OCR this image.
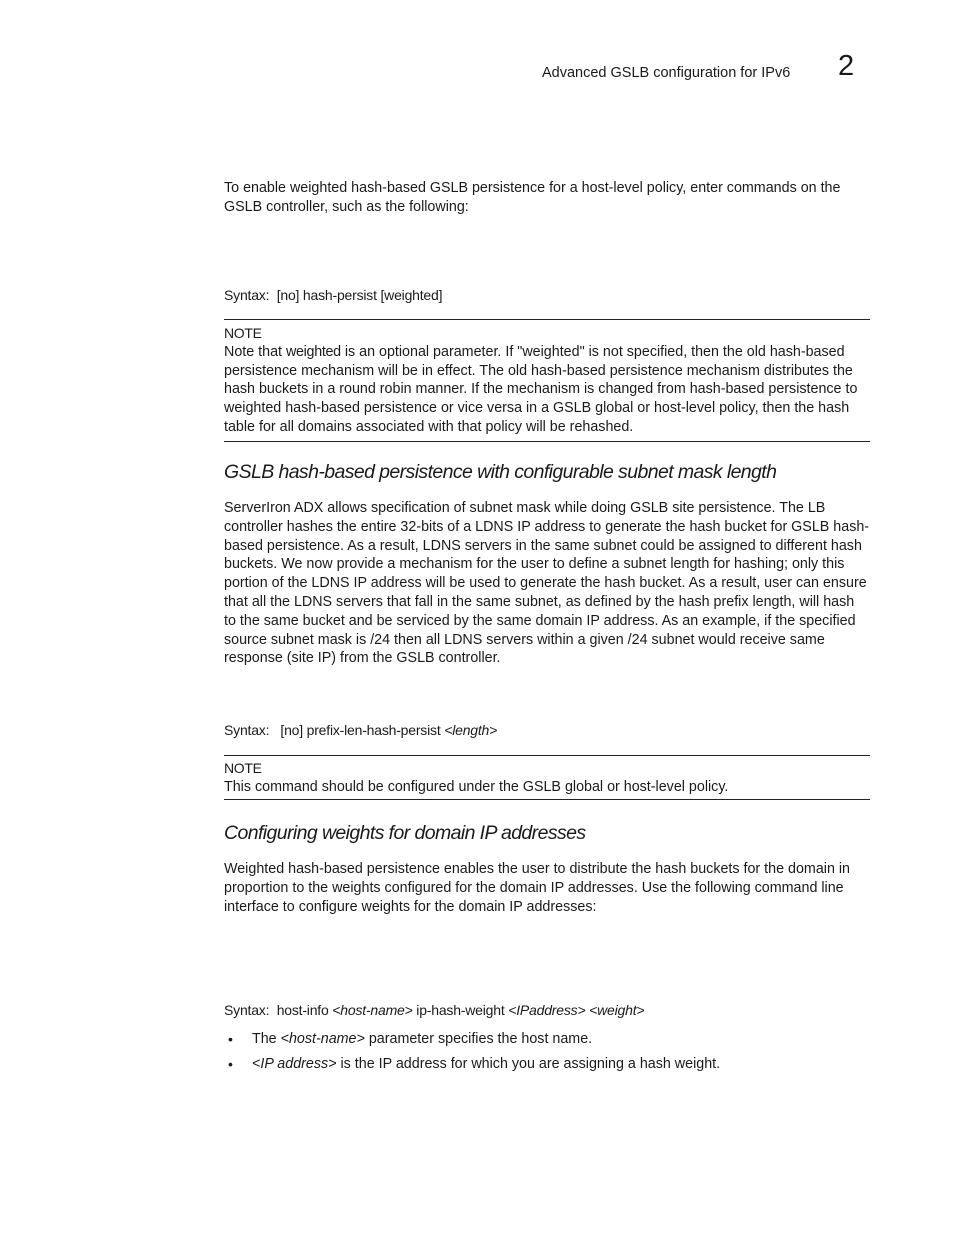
Advanced GSLB configuration for IPv6 2
To enable weighted hash-based GSLB persistence for a host-level policy, enter commands on the GSLB controller, such as the following:
Syntax: [no] hash-persist [weighted]
NOTE
Note that weighted is an optional parameter. If "weighted" is not specified, then the old hash-based persistence mechanism will be in effect. The old hash-based persistence mechanism distributes the hash buckets in a round robin manner. If the mechanism is changed from hash-based persistence to weighted hash-based persistence or vice versa in a GSLB global or host-level policy, then the hash table for all domains associated with that policy will be rehashed.
GSLB hash-based persistence with configurable subnet mask length
ServerIron ADX allows specification of subnet mask while doing GSLB site persistence. The LB controller hashes the entire 32-bits of a LDNS IP address to generate the hash bucket for GSLB hash-based persistence. As a result, LDNS servers in the same subnet could be assigned to different hash buckets. We now provide a mechanism for the user to define a subnet length for hashing; only this portion of the LDNS IP address will be used to generate the hash bucket. As a result, user can ensure that all the LDNS servers that fall in the same subnet, as defined by the hash prefix length, will hash to the same bucket and be serviced by the same domain IP address. As an example, if the specified source subnet mask is /24 then all LDNS servers within a given /24 subnet would receive same response (site IP) from the GSLB controller.
Syntax: [no] prefix-len-hash-persist <length>
NOTE
This command should be configured under the GSLB global or host-level policy.
Configuring weights for domain IP addresses
Weighted hash-based persistence enables the user to distribute the hash buckets for the domain in proportion to the weights configured for the domain IP addresses. Use the following command line interface to configure weights for the domain IP addresses:
Syntax: host-info <host-name> ip-hash-weight <IPaddress> <weight>
• The <host-name> parameter specifies the host name.
• <IP address> is the IP address for which you are assigning a hash weight.
